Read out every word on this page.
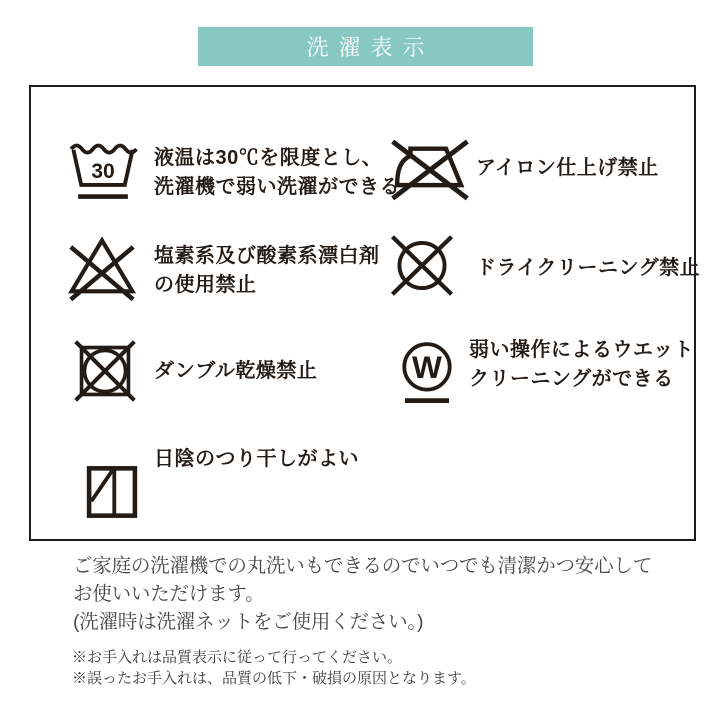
洗濯表示
30
液温は30℃を限度とし、
洗濯機で弱い洗濯ができる
塩素系及び酸素系漂白剤
の使用禁止
ダンブル乾燥禁止
日陰のつり干しがよい
アイロン仕上げ禁止
ドライクリーニング禁止
W 弱い操作によるウエット
クリーニングができる
ご家庭の洗濯機での丸洗いもできるのでいつでも清潔かつ安心して
お使いいただけます。
(洗濯時は洗濯ネットをご使用ください。)
※お手入れは品質表示に従って行ってください。
※誤ったお手入れは、品質の低下・破損の原因となります。
